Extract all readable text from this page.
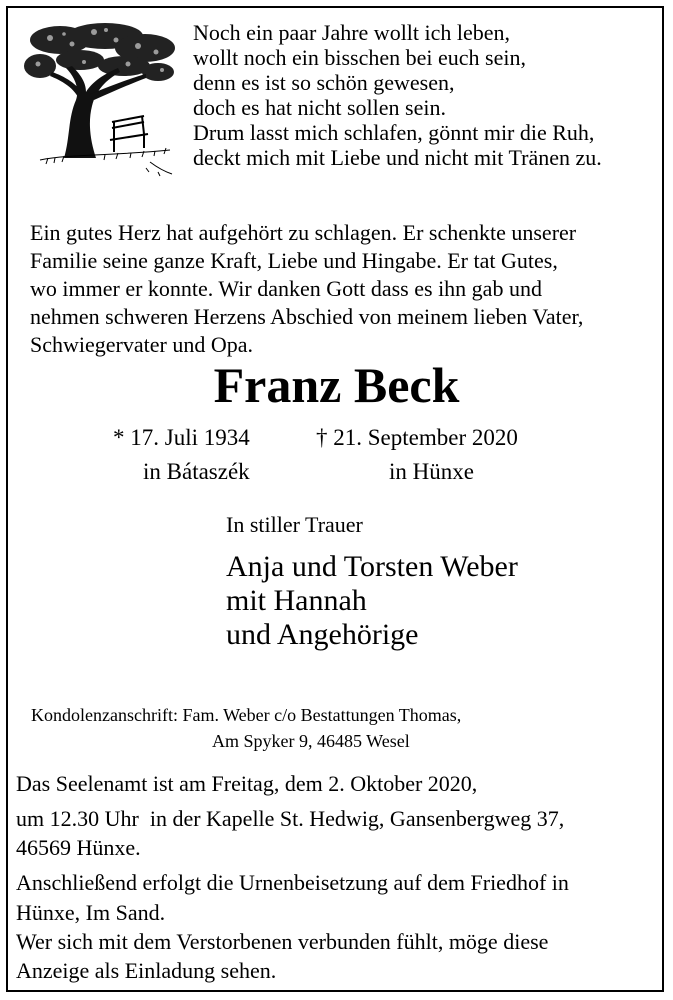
Noch ein paar Jahre wollt ich leben,
wollt noch ein bisschen bei euch sein,
denn es ist so schön gewesen,
doch es hat nicht sollen sein.
Drum lasst mich schlafen, gönnt mir die Ruh,
deckt mich mit Liebe und nicht mit Tränen zu.
Ein gutes Herz hat aufgehört zu schlagen. Er schenkte unserer
Familie seine ganze Kraft, Liebe und Hingabe. Er tat Gutes,
wo immer er konnte. Wir danken Gott dass es ihn gab und
nehmen schweren Herzens Abschied von meinem lieben Vater,
Schwiegervater und Opa.
Franz Beck
* 17. Juli 1934	† 21. September 2020
in Bátaszék	in Hünxe
In stiller Trauer
Anja und Torsten Weber
mit Hannah
und Angehörige
Kondolenzanschrift: Fam. Weber c/o Bestattungen Thomas,
Am Spyker 9, 46485 Wesel
Das Seelenamt ist am Freitag, dem 2. Oktober 2020,
um 12.30 Uhr  in der Kapelle St. Hedwig, Gansenbergweg 37,
46569 Hünxe.
Anschließend erfolgt die Urnenbeisetzung auf dem Friedhof in
Hünxe, Im Sand.
Wer sich mit dem Verstorbenen verbunden fühlt, möge diese
Anzeige als Einladung sehen.
